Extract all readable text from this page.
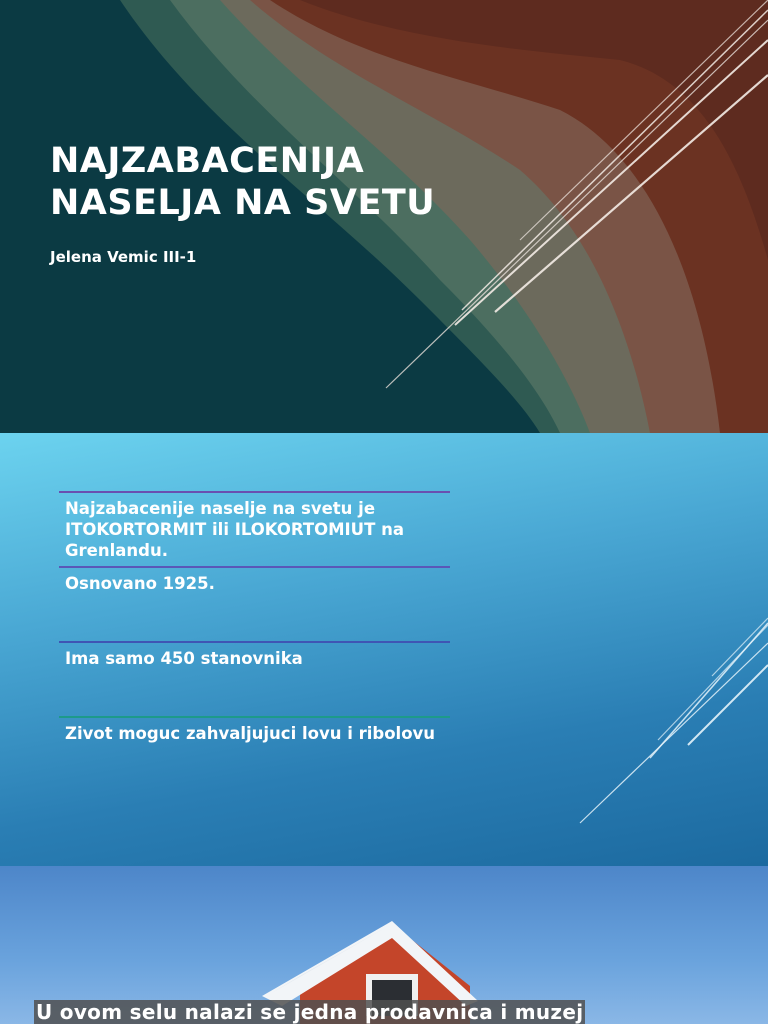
NAJZABACENIJA
NASELJA NA SVETU
Jelena Vemic III-1
Najzabacenije naselje na svetu je ITOKORTORMIT ili ILOKORTOMIUT na Grenlandu.
Osnovano 1925.
Ima samo 450 stanovnika
Zivot moguc zahvaljujuci lovu i ribolovu
U ovom selu nalazi se jedna prodavnica i muzej
